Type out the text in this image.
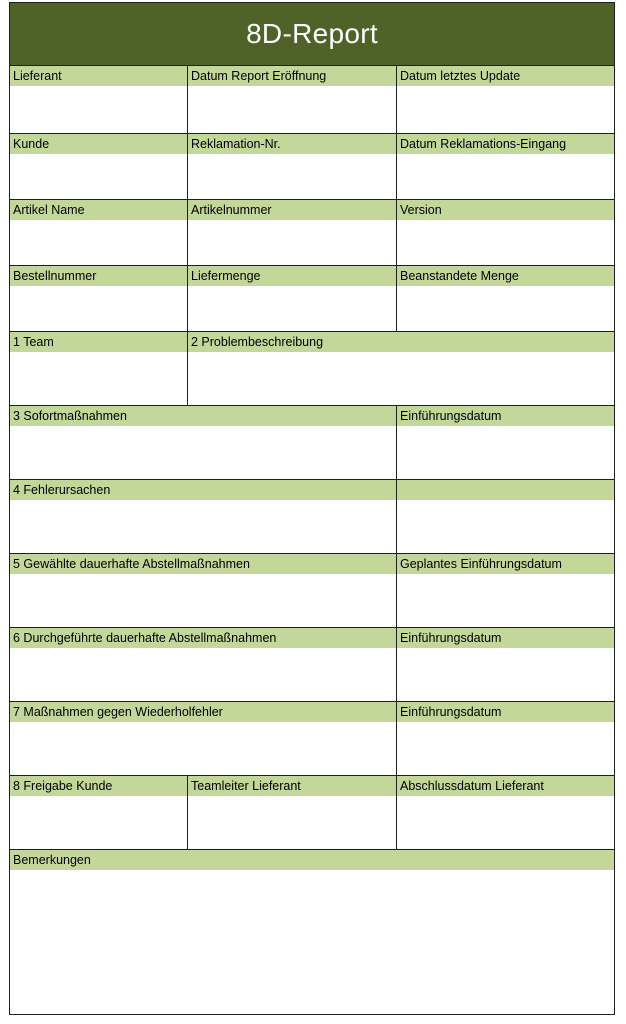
8D-Report
Lieferant	Datum Report Eröffnung	Datum letztes Update
Kunde	Reklamation-Nr.	Datum Reklamations-Eingang
Artikel Name	Artikelnummer	Version
Bestellnummer	Liefermenge	Beanstandete Menge
1 Team	2 Problembeschreibung
3 Sofortmaßnahmen	Einführungsdatum
4 Fehlerursachen
5 Gewählte dauerhafte Abstellmaßnahmen	Geplantes Einführungsdatum
6 Durchgeführte dauerhafte Abstellmaßnahmen	Einführungsdatum
7 Maßnahmen gegen Wiederholfehler	Einführungsdatum
8 Freigabe Kunde	Teamleiter Lieferant	Abschlussdatum Lieferant
Bemerkungen
